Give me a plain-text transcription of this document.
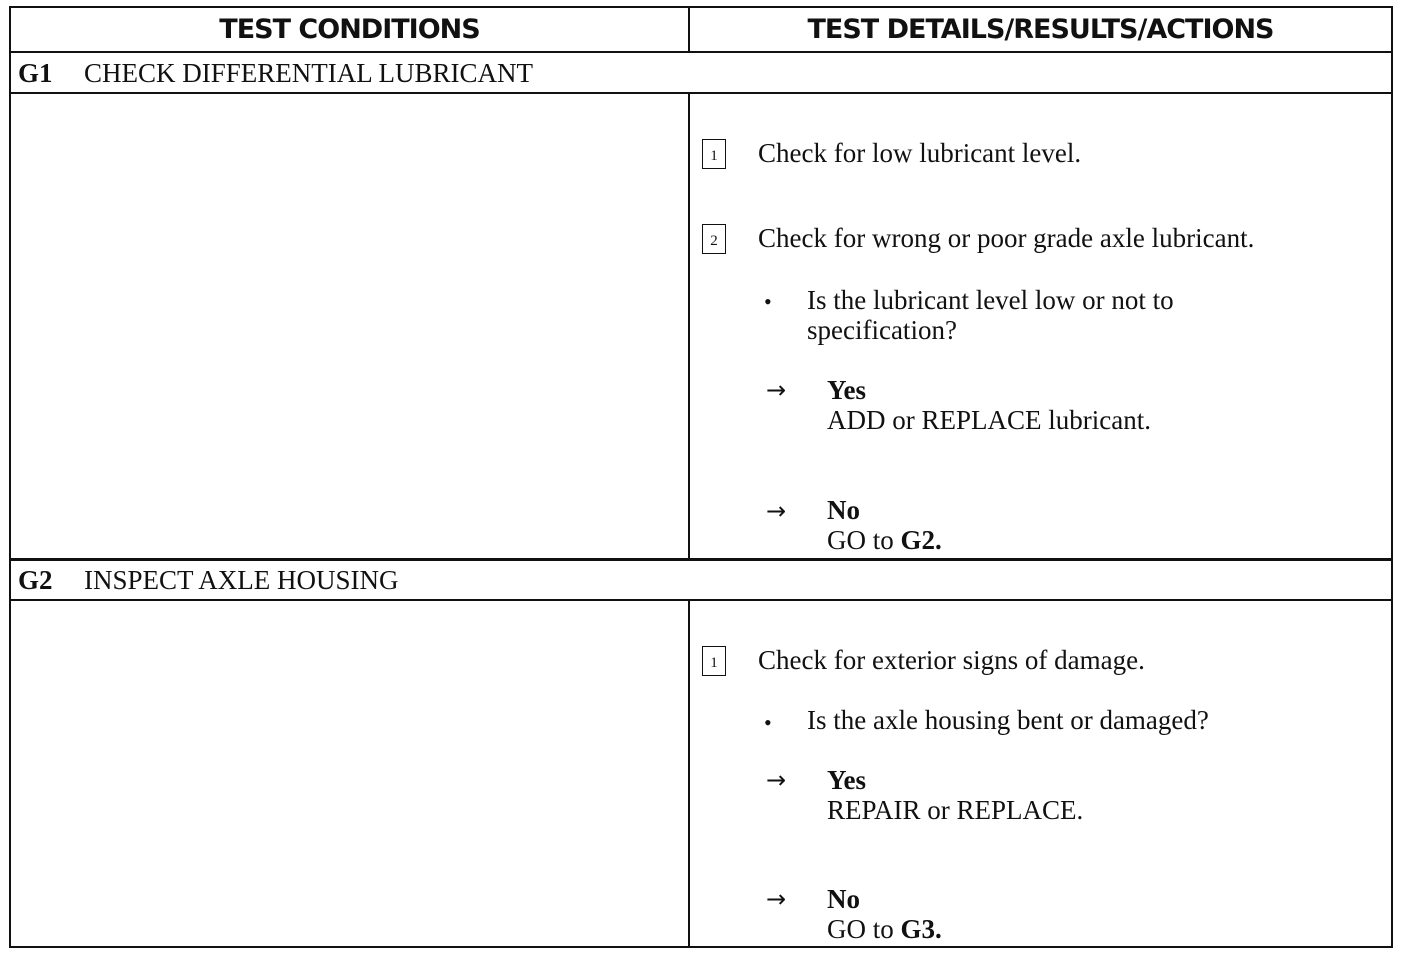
TEST CONDITIONS	TEST DETAILS/RESULTS/ACTIONS
G1 CHECK DIFFERENTIAL LUBRICANT
1	Check for low lubricant level.
2	Check for wrong or poor grade axle lubricant.
• Is the lubricant level low or not to
specification?
→ Yes
ADD or REPLACE lubricant.
→ No
GO to G2.
G2 INSPECT AXLE HOUSING
1	Check for exterior signs of damage.
• Is the axle housing bent or damaged?
→ Yes
REPAIR or REPLACE.
→ No
GO to G3.
